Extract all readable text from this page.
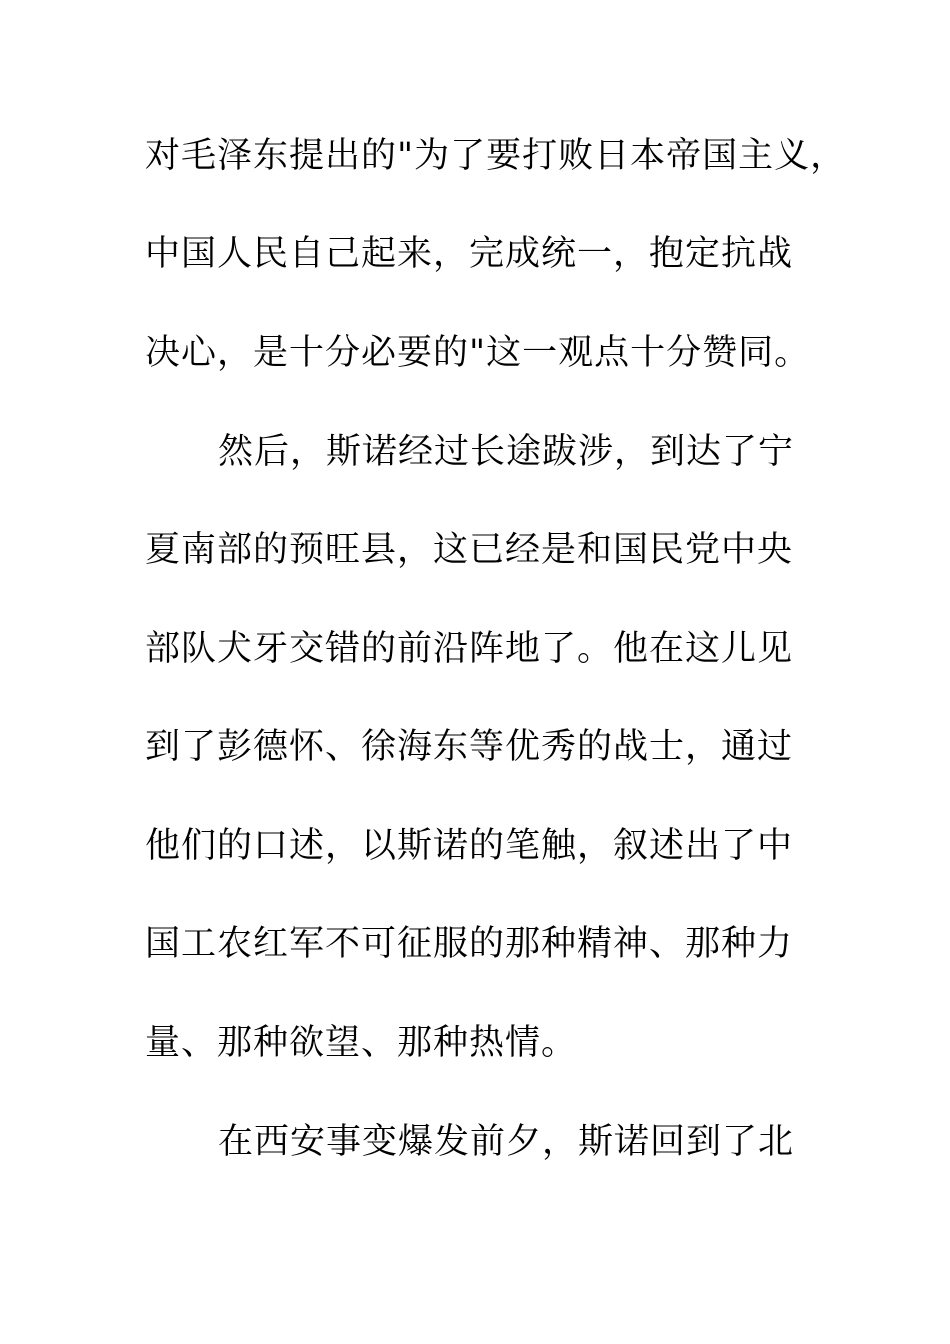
对毛泽东提出的"为了要打败日本帝国主义，
中国人民自己起来，完成统一，抱定抗战
决心，是十分必要的"这一观点十分赞同。
然后，斯诺经过长途跋涉，到达了宁
夏南部的预旺县，这已经是和国民党中央
部队犬牙交错的前沿阵地了。他在这儿见
到了彭德怀、徐海东等优秀的战士，通过
他们的口述，以斯诺的笔触，叙述出了中
国工农红军不可征服的那种精神、那种力
量、那种欲望、那种热情。
在西安事变爆发前夕，斯诺回到了北
